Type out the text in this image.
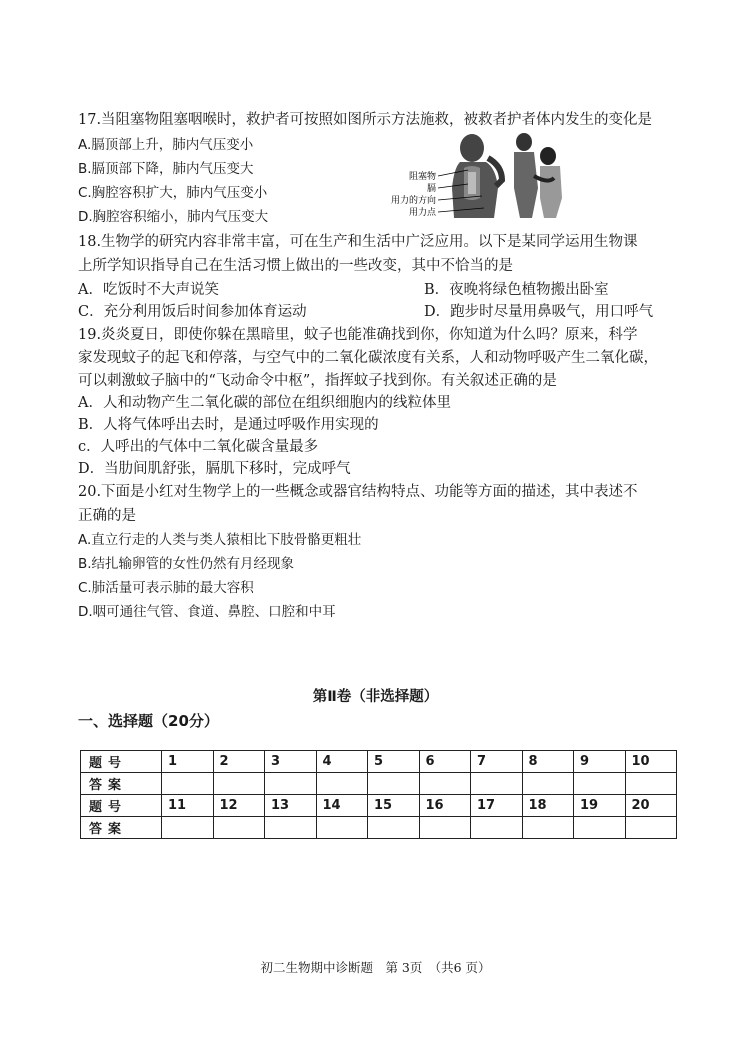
17.当阻塞物阻塞咽喉时，救护者可按照如图所示方法施救，被救者护者体内发生的变化是
A.膈顶部上升，肺内气压变小
B.膈顶部下降，肺内气压变大
C.胸腔容积扩大，肺内气压变小
D.胸腔容积缩小，肺内气压变大
阻塞物
膈
用力的方向
用力点
18.生物学的研究内容非常丰富，可在生产和生活中广泛应用。以下是某同学运用生物课
上所学知识指导自己在生活习惯上做出的一些改变，其中不恰当的是
A．吃饭时不大声说笑	B．夜晚将绿色植物搬出卧室
C．充分利用饭后时间参加体育运动	D．跑步时尽量用鼻吸气，用口呼气
19.炎炎夏日，即使你躲在黑暗里，蚊子也能准确找到你，你知道为什么吗？原来，科学
家发现蚊子的起飞和停落，与空气中的二氧化碳浓度有关系，人和动物呼吸产生二氧化碳，
可以刺激蚊子脑中的“飞动命令中枢”，指挥蚊子找到你。有关叙述正确的是
A．人和动物产生二氧化碳的部位在组织细胞内的线粒体里
B．人将气体呼出去时，是通过呼吸作用实现的
c．人呼出的气体中二氧化碳含量最多
D．当肋间肌舒张，膈肌下移时，完成呼气
20.下面是小红对生物学上的一些概念或器官结构特点、功能等方面的描述，其中表述不
正确的是
A.直立行走的人类与类人猿相比下肢骨骼更粗壮
B.结扎输卵管的女性仍然有月经现象
C.肺活量可表示肺的最大容积
D.咽可通往气管、食道、鼻腔、口腔和中耳
第Ⅱ卷（非选择题）
一、选择题（20分）
题号	1	2	3	4	5	6	7	8	9	10
答案										
题号	11	12	13	14	15	16	17	18	19	20
答案										
初二生物期中诊断题　第 3页　（共6 页）
